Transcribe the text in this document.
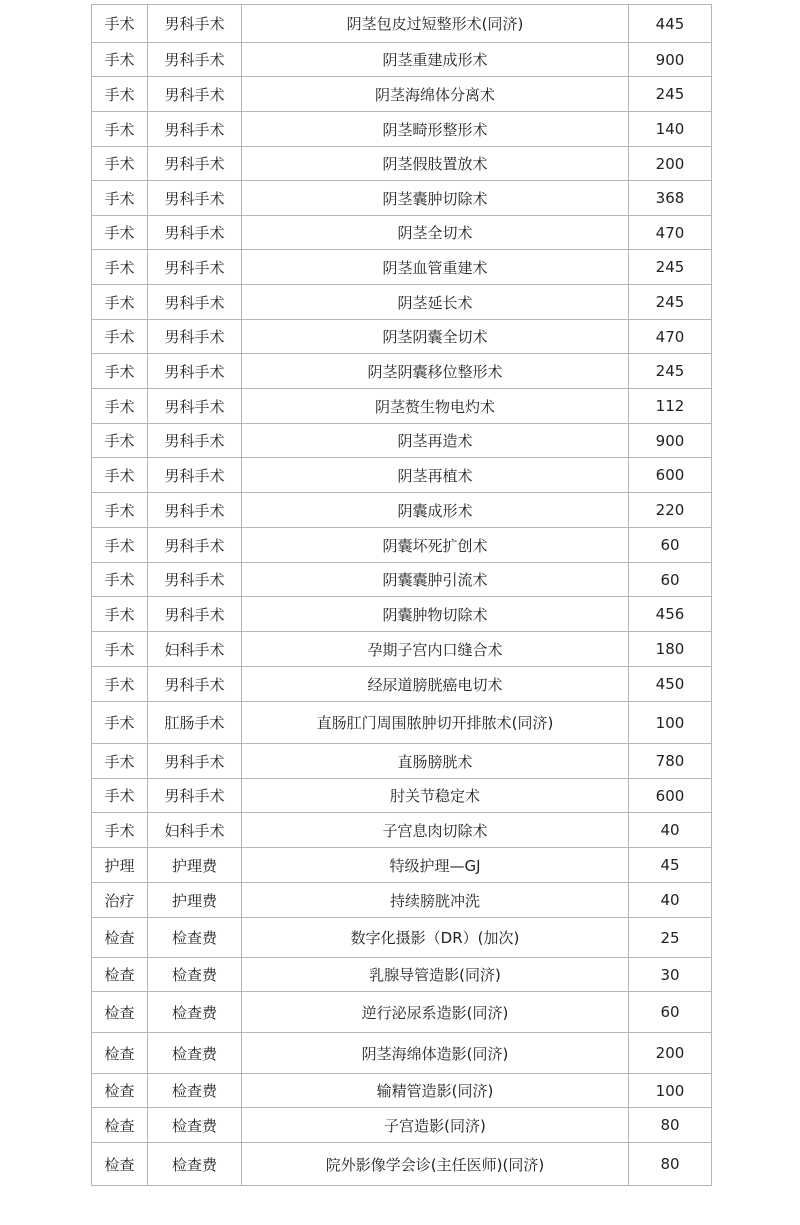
手术	男科手术	阴茎包皮过短整形术(同济)	445
手术	男科手术	阴茎重建成形术	900
手术	男科手术	阴茎海绵体分离术	245
手术	男科手术	阴茎畸形整形术	140
手术	男科手术	阴茎假肢置放术	200
手术	男科手术	阴茎囊肿切除术	368
手术	男科手术	阴茎全切术	470
手术	男科手术	阴茎血管重建术	245
手术	男科手术	阴茎延长术	245
手术	男科手术	阴茎阴囊全切术	470
手术	男科手术	阴茎阴囊移位整形术	245
手术	男科手术	阴茎赘生物电灼术	112
手术	男科手术	阴茎再造术	900
手术	男科手术	阴茎再植术	600
手术	男科手术	阴囊成形术	220
手术	男科手术	阴囊坏死扩创术	60
手术	男科手术	阴囊囊肿引流术	60
手术	男科手术	阴囊肿物切除术	456
手术	妇科手术	孕期子宫内口缝合术	180
手术	男科手术	经尿道膀胱癌电切术	450
手术	肛肠手术	直肠肛门周围脓肿切开排脓术(同济)	100
手术	男科手术	直肠膀胱术	780
手术	男科手术	肘关节稳定术	600
手术	妇科手术	子宫息肉切除术	40
护理	护理费	特级护理—GJ	45
治疗	护理费	持续膀胱冲洗	40
检查	检查费	数字化摄影（DR）(加次)	25
检查	检查费	乳腺导管造影(同济)	30
检查	检查费	逆行泌尿系造影(同济)	60
检查	检查费	阴茎海绵体造影(同济)	200
检查	检查费	输精管造影(同济)	100
检查	检查费	子宫造影(同济)	80
检查	检查费	院外影像学会诊(主任医师)(同济)	80
